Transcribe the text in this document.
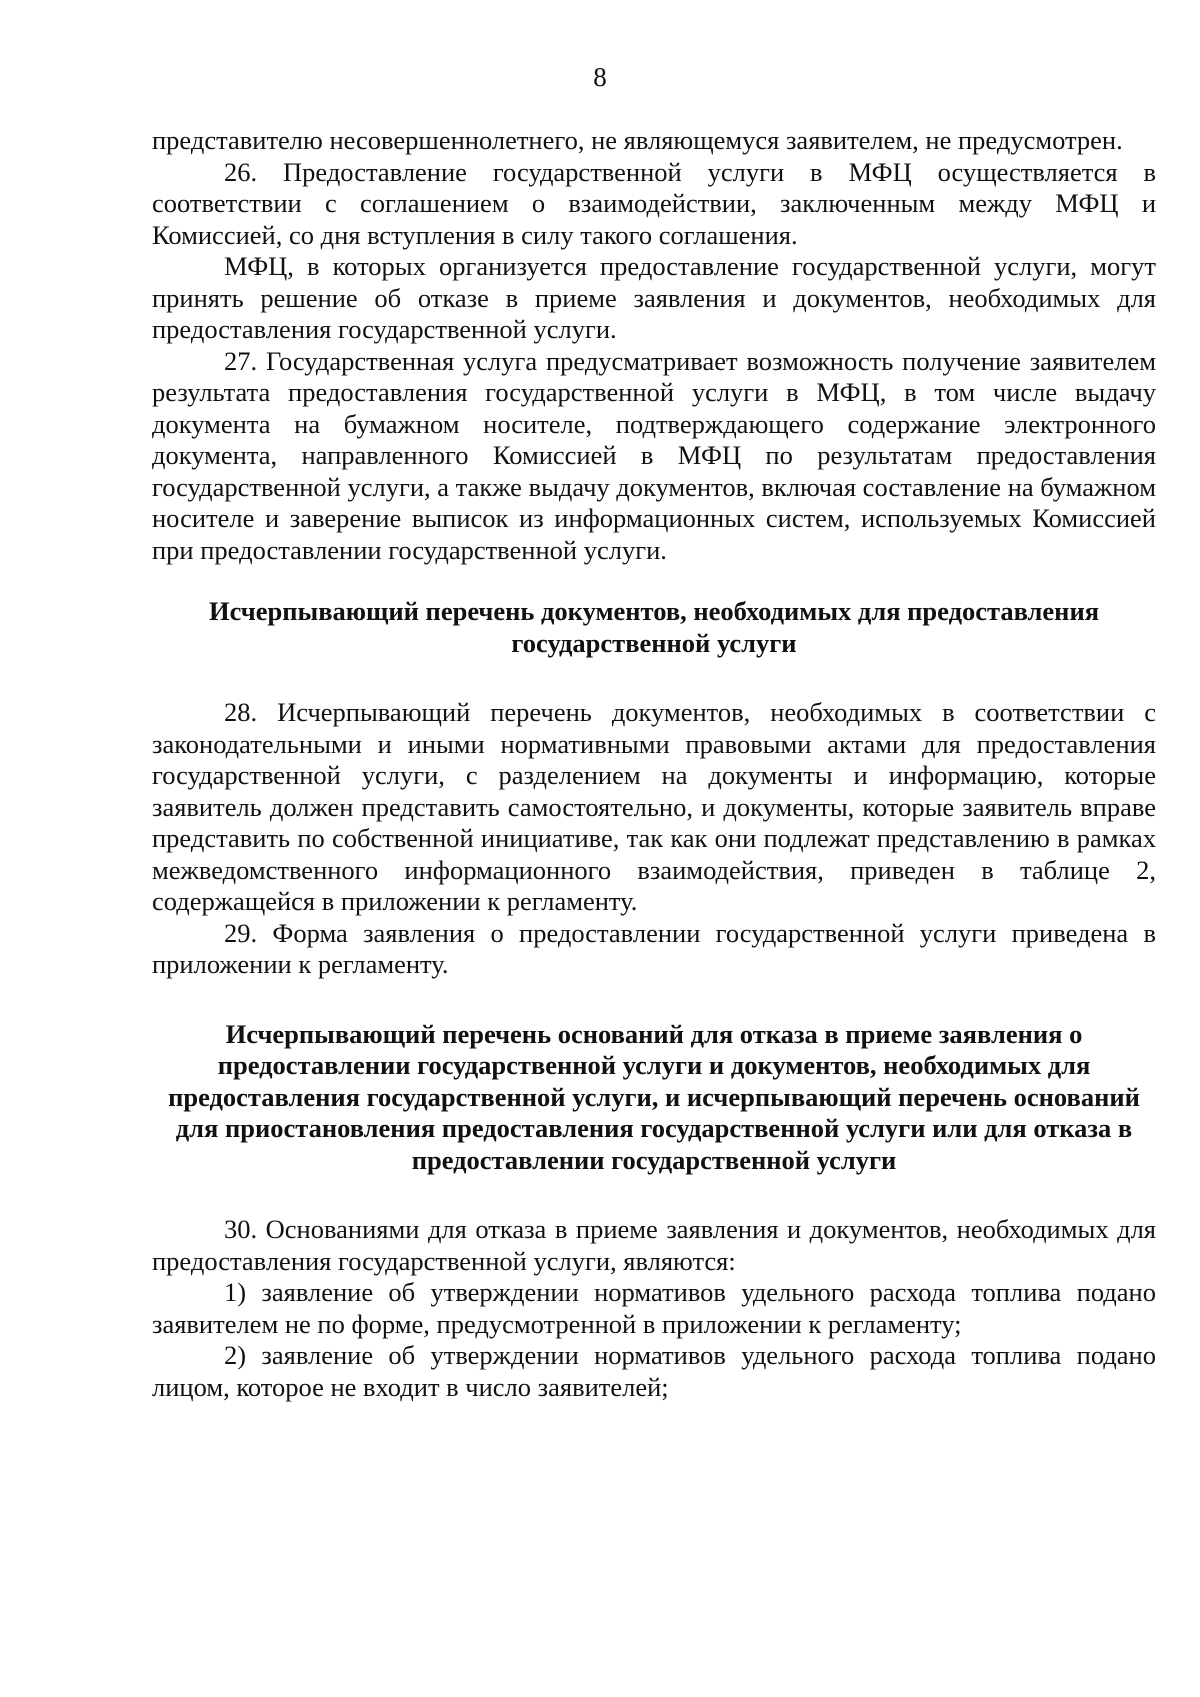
8

представителю несовершеннолетнего, не являющемуся заявителем, не предусмотрен.

26. Предоставление государственной услуги в МФЦ осуществляется в соответствии с соглашением о взаимодействии, заключенным между МФЦ и Комиссией, со дня вступления в силу такого соглашения.

МФЦ, в которых организуется предоставление государственной услуги, могут принять решение об отказе в приеме заявления и документов, необходимых для предоставления государственной услуги.

27. Государственная услуга предусматривает возможность получение заявителем результата предоставления государственной услуги в МФЦ, в том числе выдачу документа на бумажном носителе, подтверждающего содержание электронного документа, направленного Комиссией в МФЦ по результатам предоставления государственной услуги, а также выдачу документов, включая составление на бумажном носителе и заверение выписок из информационных систем, используемых Комиссией при предоставлении государственной услуги.

Исчерпывающий перечень документов, необходимых для предоставления государственной услуги

28. Исчерпывающий перечень документов, необходимых в соответствии с законодательными и иными нормативными правовыми актами для предоставления государственной услуги, с разделением на документы и информацию, которые заявитель должен представить самостоятельно, и документы, которые заявитель вправе представить по собственной инициативе, так как они подлежат представлению в рамках межведомственного информационного взаимодействия, приведен в таблице 2, содержащейся в приложении к регламенту.

29. Форма заявления о предоставлении государственной услуги приведена в приложении к регламенту.

Исчерпывающий перечень оснований для отказа в приеме заявления о предоставлении государственной услуги и документов, необходимых для предоставления государственной услуги, и исчерпывающий перечень оснований для приостановления предоставления государственной услуги или для отказа в предоставлении государственной услуги

30. Основаниями для отказа в приеме заявления и документов, необходимых для предоставления государственной услуги, являются:

1) заявление об утверждении нормативов удельного расхода топлива подано заявителем не по форме, предусмотренной в приложении к регламенту;

2) заявление об утверждении нормативов удельного расхода топлива подано лицом, которое не входит в число заявителей;
